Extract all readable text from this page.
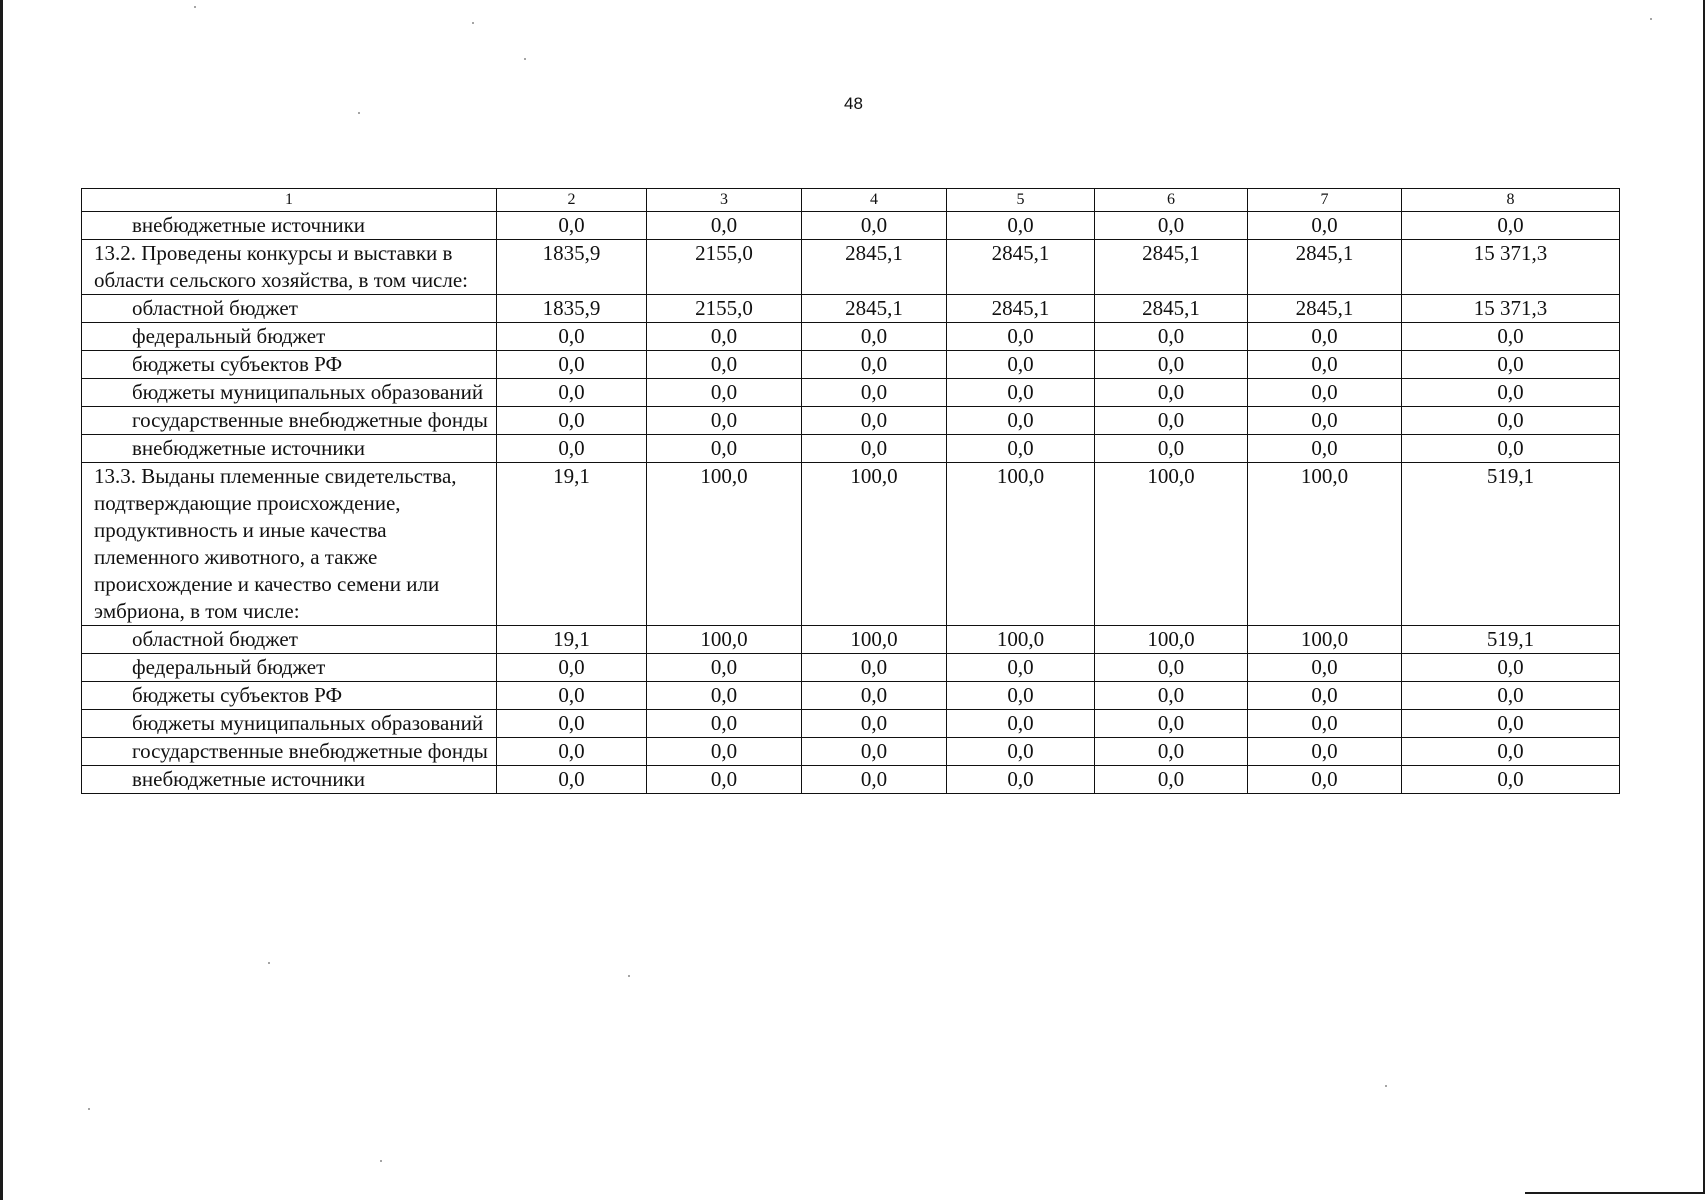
48
1	2	3	4	5	6	7	8
внебюджетные источники	0,0	0,0	0,0	0,0	0,0	0,0	0,0
13.2. Проведены конкурсы и выставки в области сельского хозяйства, в том числе:	1835,9	2155,0	2845,1	2845,1	2845,1	2845,1	15 371,3
областной бюджет	1835,9	2155,0	2845,1	2845,1	2845,1	2845,1	15 371,3
федеральный бюджет	0,0	0,0	0,0	0,0	0,0	0,0	0,0
бюджеты субъектов РФ	0,0	0,0	0,0	0,0	0,0	0,0	0,0
бюджеты муниципальных образований	0,0	0,0	0,0	0,0	0,0	0,0	0,0
государственные внебюджетные фонды	0,0	0,0	0,0	0,0	0,0	0,0	0,0
внебюджетные источники	0,0	0,0	0,0	0,0	0,0	0,0	0,0
13.3. Выданы племенные свидетельства, подтверждающие происхождение, продуктивность и иные качества племенного животного, а также происхождение и качество семени или эмбриона, в том числе:	19,1	100,0	100,0	100,0	100,0	100,0	519,1
областной бюджет	19,1	100,0	100,0	100,0	100,0	100,0	519,1
федеральный бюджет	0,0	0,0	0,0	0,0	0,0	0,0	0,0
бюджеты субъектов РФ	0,0	0,0	0,0	0,0	0,0	0,0	0,0
бюджеты муниципальных образований	0,0	0,0	0,0	0,0	0,0	0,0	0,0
государственные внебюджетные фонды	0,0	0,0	0,0	0,0	0,0	0,0	0,0
внебюджетные источники	0,0	0,0	0,0	0,0	0,0	0,0	0,0
